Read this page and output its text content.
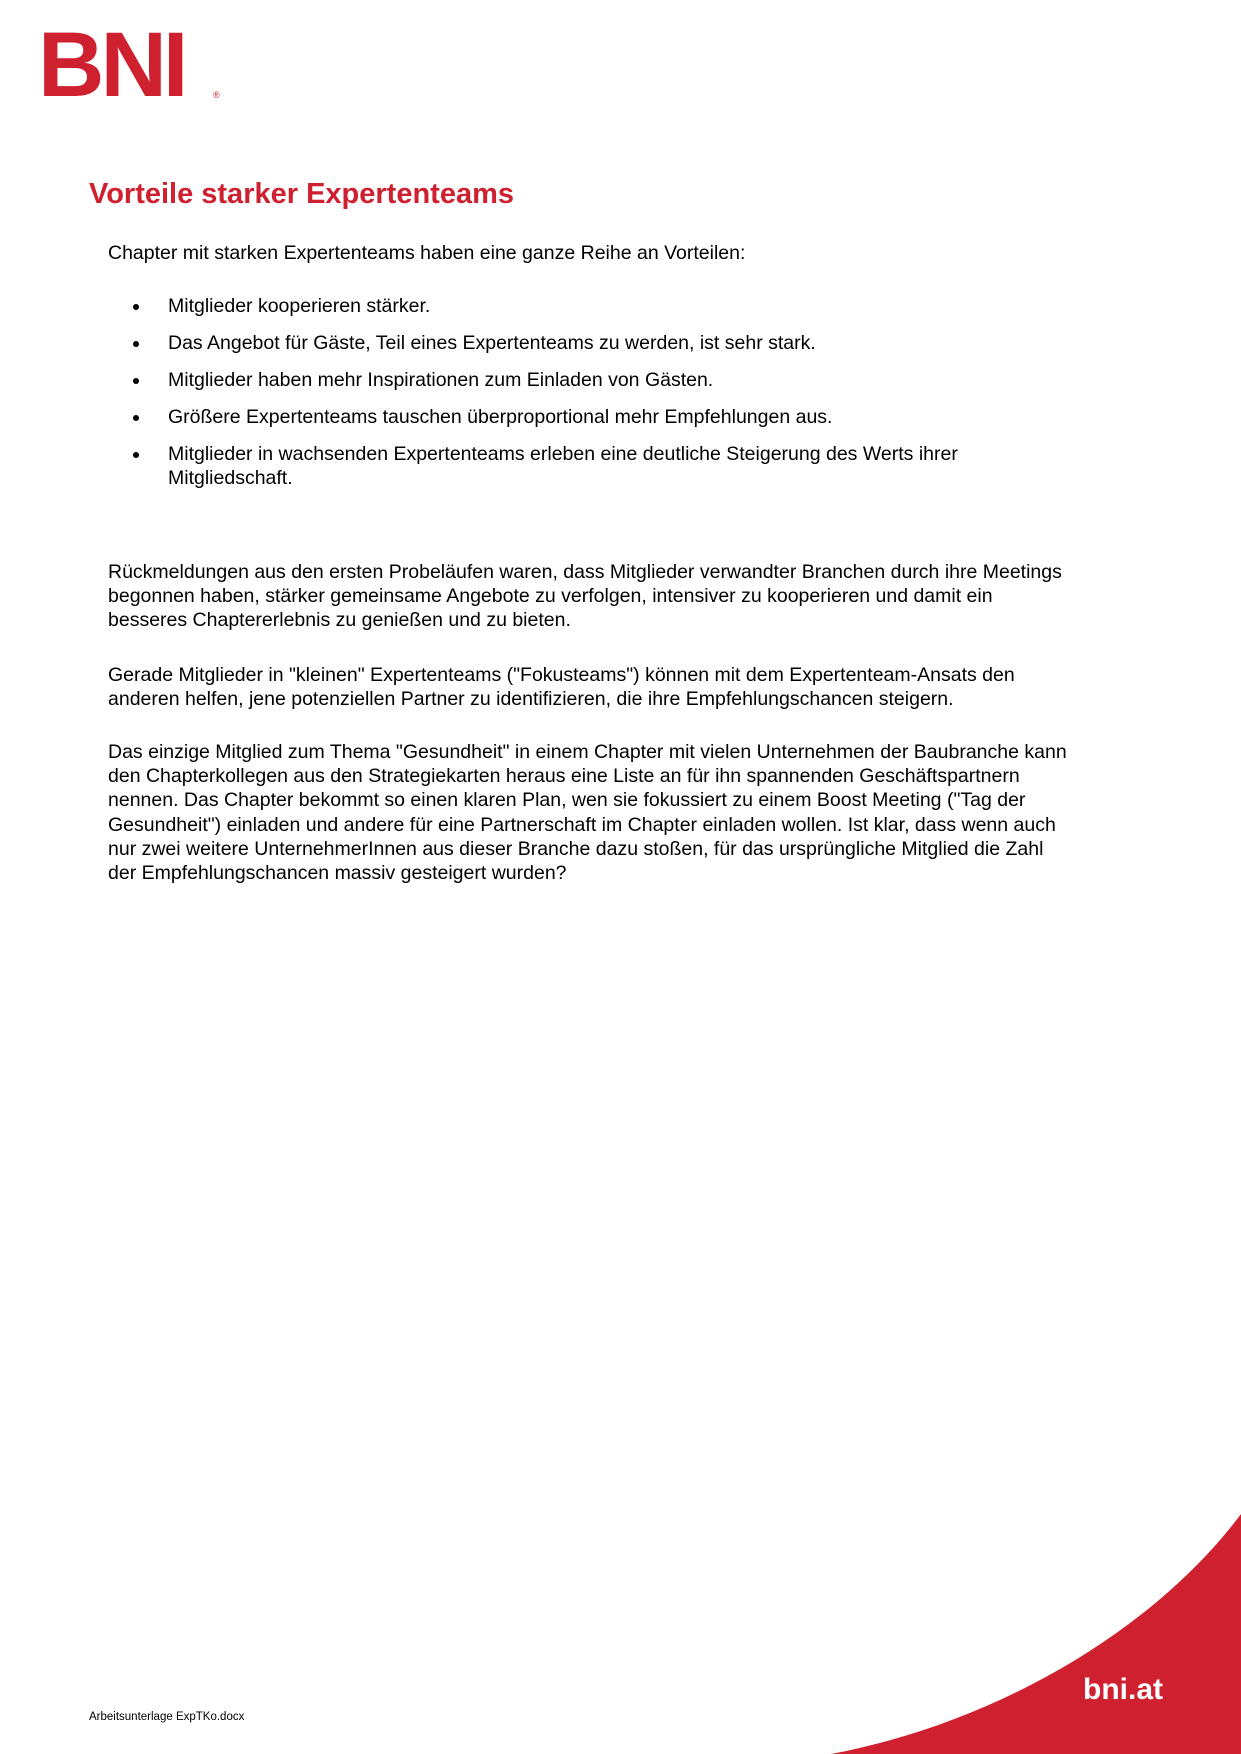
BNI	®
Vorteile starker Expertenteams

Chapter mit starken Expertenteams haben eine ganze Reihe an Vorteilen:

Mitglieder kooperieren stärker.
Das Angebot für Gäste, Teil eines Expertenteams zu werden, ist sehr stark.
Mitglieder haben mehr Inspirationen zum Einladen von Gästen.
Größere Expertenteams tauschen überproportional mehr Empfehlungen aus.
Mitglieder in wachsenden Expertenteams erleben eine deutliche Steigerung des Werts ihrer Mitgliedschaft.

Rückmeldungen aus den ersten Probeläufen waren, dass Mitglieder verwandter Branchen durch ihre Meetings begonnen haben, stärker gemeinsame Angebote zu verfolgen, intensiver zu kooperieren und damit ein besseres Chaptererlebnis zu genießen und zu bieten.

Gerade Mitglieder in "kleinen" Expertenteams ("Fokusteams") können mit dem Expertenteam-Ansats den anderen helfen, jene potenziellen Partner zu identifizieren, die ihre Empfehlungschancen steigern.

Das einzige Mitglied zum Thema "Gesundheit" in einem Chapter mit vielen Unternehmen der Baubranche kann den Chapterkollegen aus den Strategiekarten heraus eine Liste an für ihn spannenden Geschäftspartnern nennen. Das Chapter bekommt so einen klaren Plan, wen sie fokussiert zu einem Boost Meeting ("Tag der Gesundheit") einladen und andere für eine Partnerschaft im Chapter einladen wollen. Ist klar, dass wenn auch nur zwei weitere UnternehmerInnen aus dieser Branche dazu stoßen, für das ursprüngliche Mitglied die Zahl der Empfehlungschancen massiv gesteigert wurden?

bni.at
Arbeitsunterlage ExpTKo.docx
